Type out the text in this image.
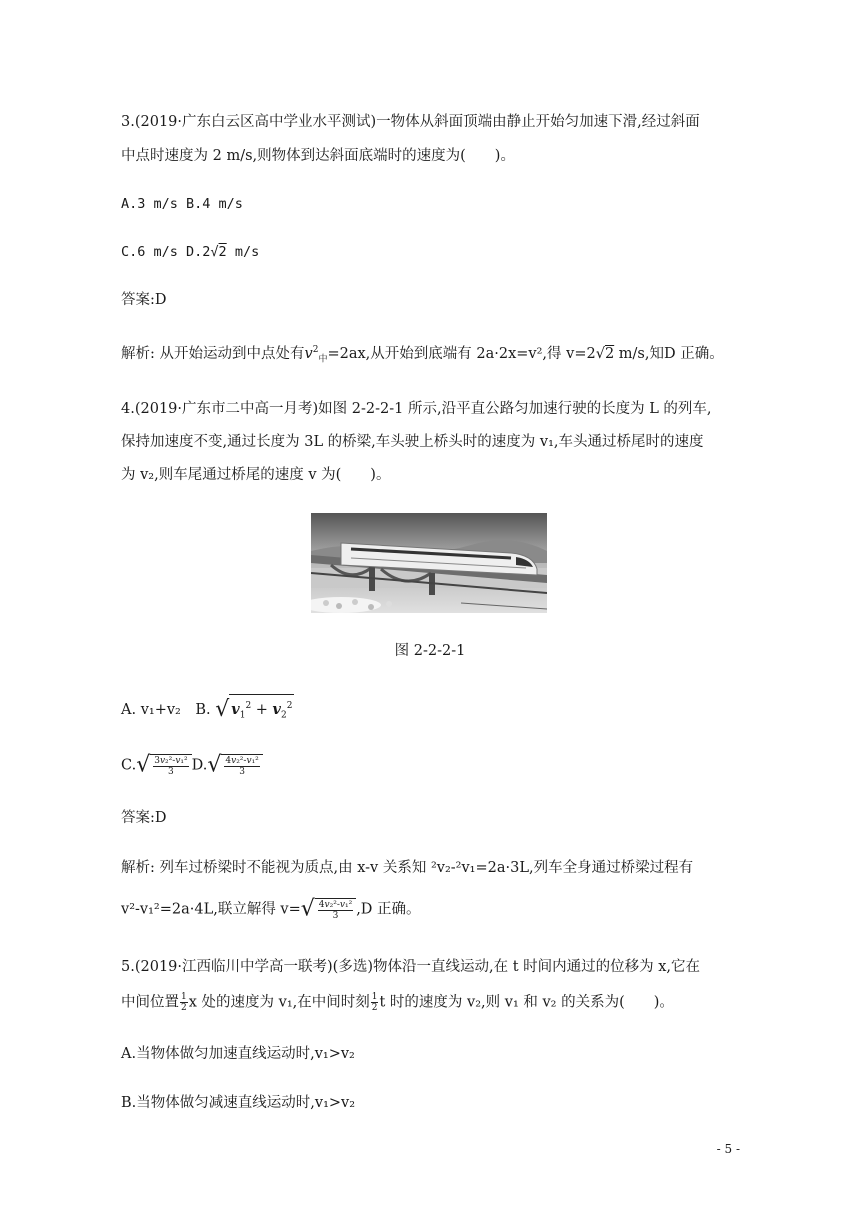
3.(2019·广东白云区高中学业水平测试)一物体从斜面顶端由静止开始匀加速下滑,经过斜面
中点时速度为 2 m/s,则物体到达斜面底端时的速度为(　　)。
A.3 m/s B.4 m/s
C.6 m/s D.2√2 m/s
答案:D
解析: 从开始运动到中点处有$v^2_中=2ax$,从开始到底端有 2a·2x=v²,得 v=2√2 m/s,知D 正确。
4.(2019·广东市二中高一月考)如图 2-2-2-1 所示,沿平直公路匀加速行驶的长度为 L 的列车,
保持加速度不变,通过长度为 3L 的桥梁,车头驶上桥头时的速度为 v₁,车头通过桥尾时的速度
为 v₂,则车尾通过桥尾的速度 v 为(　　)。
图 2-2-2-1
A. v₁+v₂　B. √ $v_1^2 + v_2^2$
$C.√ \frac{\text{3v₂²-v₁²}}{3} D.√ \frac{\text{4v₂²-v₁²}}{3}$
答案:D
解析: 列车过桥梁时不能视为质点,由 x-v 关系知 ²v₂-²v₁=2a·3L,列车全身通过桥梁过程有
v²-v₁²=2a·4L,联立解得 $v=√ \frac{\text{4v₂²-v₁²}}{3} ,D$ 正确。
5.(2019·江西临川中学高一联考)(多选)物体沿一直线运动,在 t 时间内通过的位移为 x,它在
中间位置 $\frac{1}{2}$ x 处的速度为 v₁,在中间时刻 $\frac{1}{2}$ t 时的速度为 v₂,则 v₁ 和 v₂ 的关系为(　　)。
A.当物体做匀加速直线运动时,v₁>v₂
B.当物体做匀减速直线运动时,v₁>v₂
- 5 -
